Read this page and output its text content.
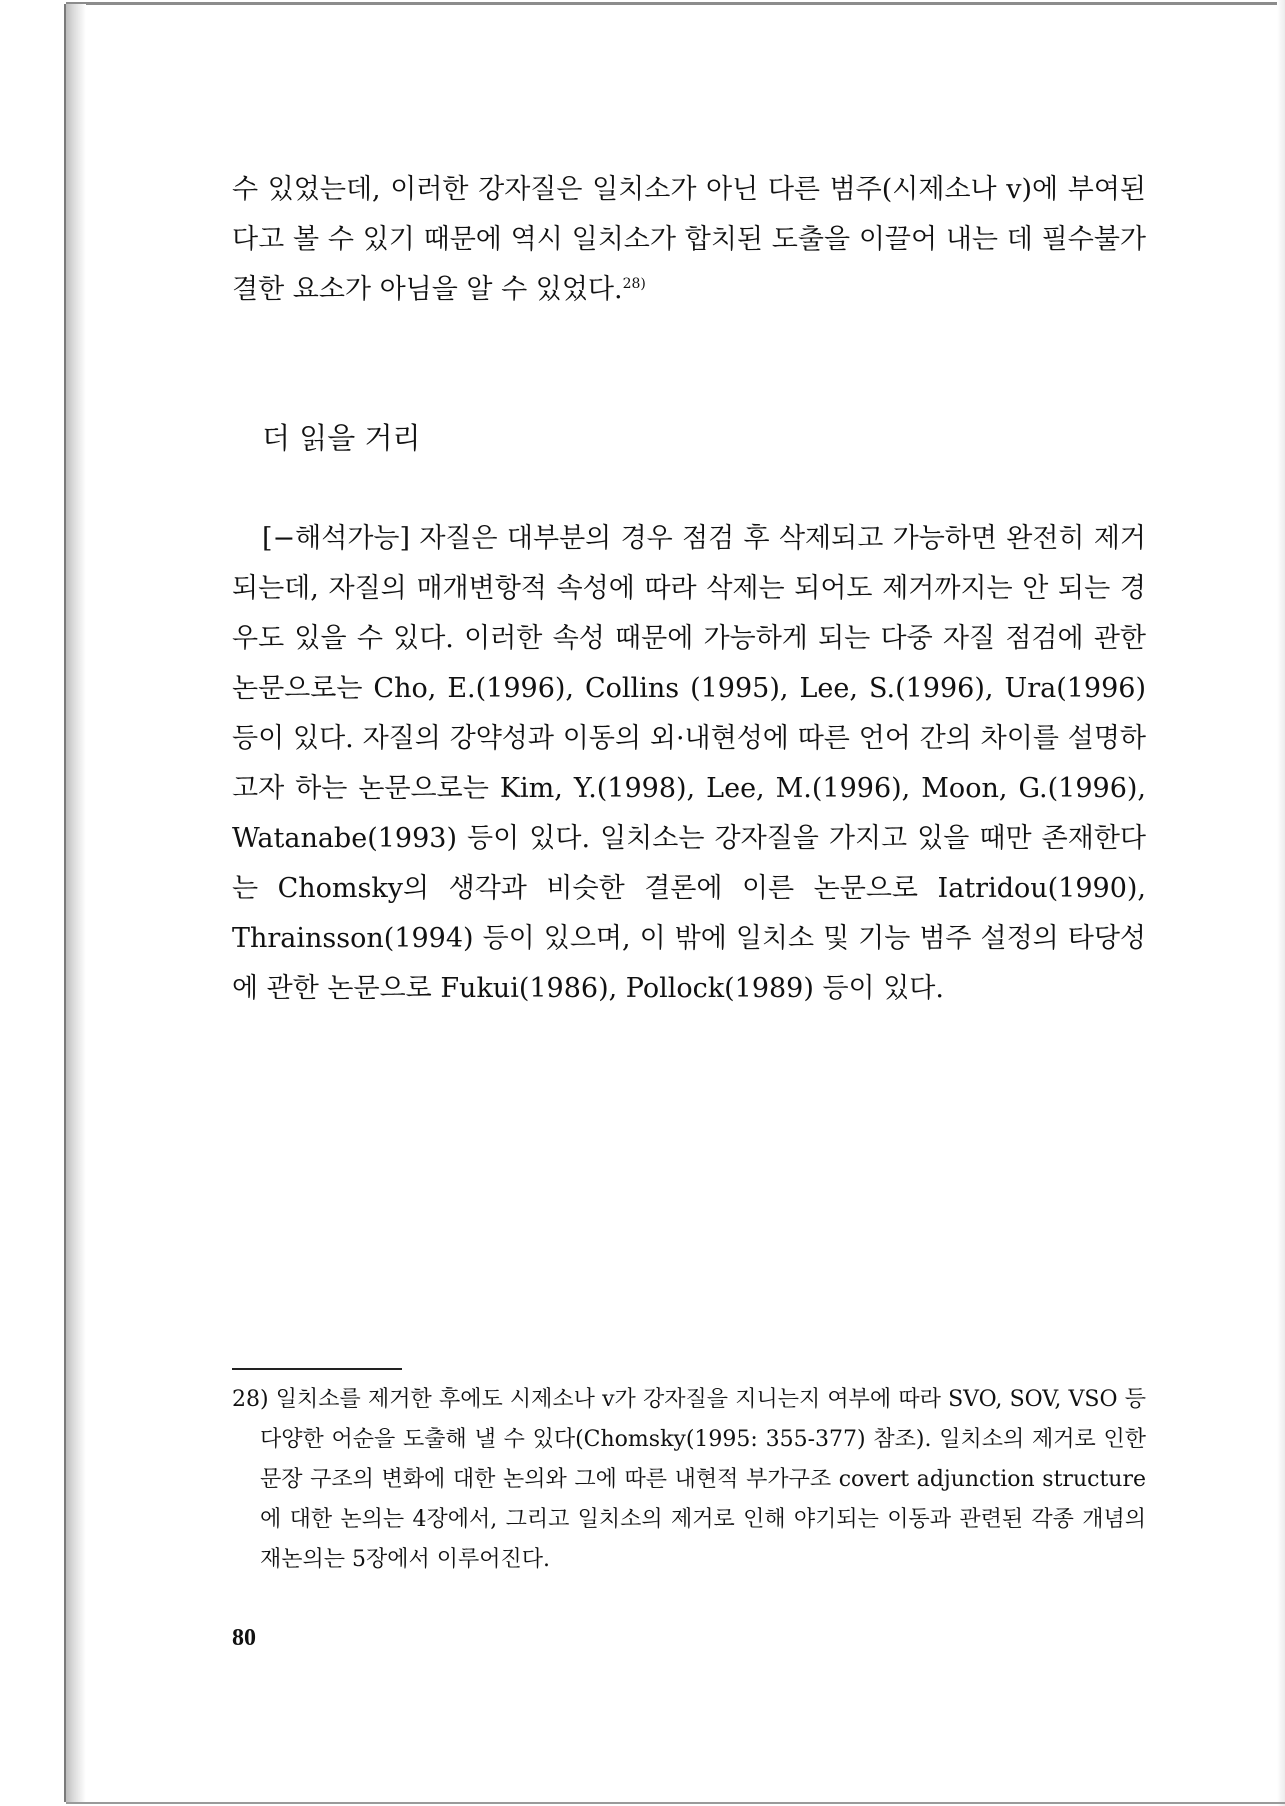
수 있었는데, 이러한 강자질은 일치소가 아닌 다른 범주(시제소나 v)에 부여된다고 볼 수 있기 때문에 역시 일치소가 합치된 도출을 이끌어 내는 데 필수불가결한 요소가 아님을 알 수 있었다.$^{28)}$

더 읽을 거리

[−해석가능] 자질은 대부분의 경우 점검 후 삭제되고 가능하면 완전히 제거되는데, 자질의 매개변항적 속성에 따라 삭제는 되어도 제거까지는 안 되는 경우도 있을 수 있다. 이러한 속성 때문에 가능하게 되는 다중 자질 점검에 관한 논문으로는 Cho, E.(1996), Collins (1995), Lee, S.(1996), Ura(1996) 등이 있다. 자질의 강약성과 이동의 외·내현성에 따른 언어 간의 차이를 설명하고자 하는 논문으로는 Kim, Y.(1998), Lee, M.(1996), Moon, G.(1996), Watanabe(1993) 등이 있다. 일치소는 강자질을 가지고 있을 때만 존재한다는 Chomsky의 생각과 비슷한 결론에 이른 논문으로 Iatridou(1990), Thrainsson(1994) 등이 있으며, 이 밖에 일치소 및 기능 범주 설정의 타당성에 관한 논문으로 Fukui(1986), Pollock(1989) 등이 있다.

28) 일치소를 제거한 후에도 시제소나 v가 강자질을 지니는지 여부에 따라 SVO, SOV, VSO 등 다양한 어순을 도출해 낼 수 있다(Chomsky(1995: 355-377) 참조). 일치소의 제거로 인한 문장 구조의 변화에 대한 논의와 그에 따른 내현적 부가구조 covert adjunction structure에 대한 논의는 4장에서, 그리고 일치소의 제거로 인해 야기되는 이동과 관련된 각종 개념의 재논의는 5장에서 이루어진다.

80
